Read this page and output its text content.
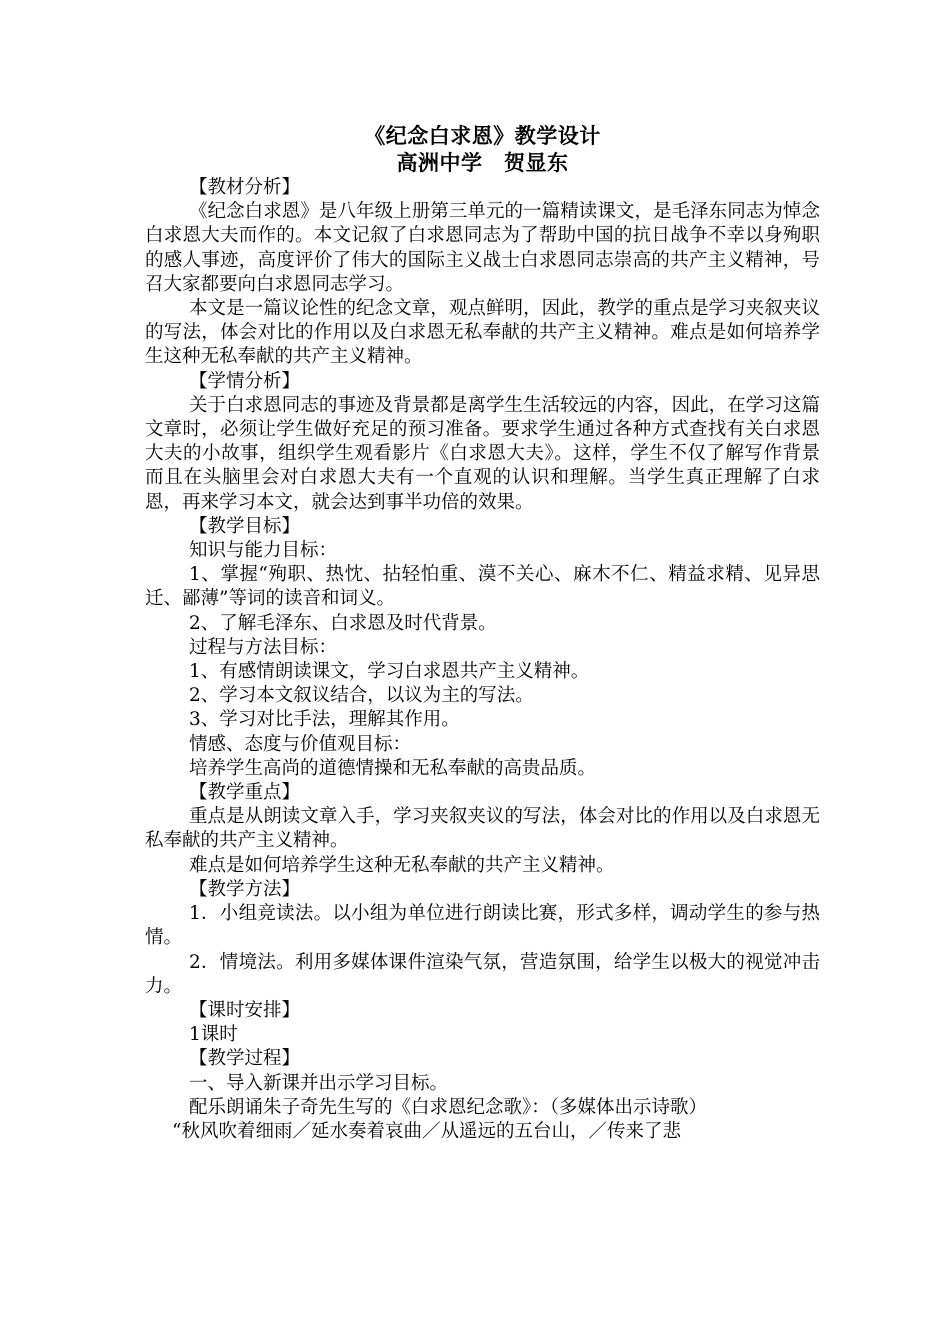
《纪念白求恩》教学设计

高洲中学　贺显东

【教材分析】

《纪念白求恩》是八年级上册第三单元的一篇精读课文，是毛泽东同志为悼念白求恩大夫而作的。本文记叙了白求恩同志为了帮助中国的抗日战争不幸以身殉职的感人事迹，高度评价了伟大的国际主义战士白求恩同志崇高的共产主义精神，号召大家都要向白求恩同志学习。

本文是一篇议论性的纪念文章，观点鲜明，因此，教学的重点是学习夹叙夹议的写法，体会对比的作用以及白求恩无私奉献的共产主义精神。难点是如何培养学生这种无私奉献的共产主义精神。

【学情分析】

关于白求恩同志的事迹及背景都是离学生生活较远的内容，因此，在学习这篇文章时，必须让学生做好充足的预习准备。要求学生通过各种方式查找有关白求恩大夫的小故事，组织学生观看影片《白求恩大夫》。这样，学生不仅了解写作背景而且在头脑里会对白求恩大夫有一个直观的认识和理解。当学生真正理解了白求恩，再来学习本文，就会达到事半功倍的效果。

【教学目标】

知识与能力目标：

1、掌握“殉职、热忱、拈轻怕重、漠不关心、麻木不仁、精益求精、见异思迁、鄙薄”等词的读音和词义。

2、了解毛泽东、白求恩及时代背景。

过程与方法目标：

1、有感情朗读课文，学习白求恩共产主义精神。

2、学习本文叙议结合，以议为主的写法。

3、学习对比手法，理解其作用。

情感、态度与价值观目标：

培养学生高尚的道德情操和无私奉献的高贵品质。

【教学重点】

重点是从朗读文章入手，学习夹叙夹议的写法，体会对比的作用以及白求恩无私奉献的共产主义精神。

难点是如何培养学生这种无私奉献的共产主义精神。

【教学方法】

1．小组竞读法。以小组为单位进行朗读比赛，形式多样，调动学生的参与热情。

2．情境法。利用多媒体课件渲染气氛，营造氛围，给学生以极大的视觉冲击力。

【课时安排】

1课时

【教学过程】

一、导入新课并出示学习目标。

配乐朗诵朱子奇先生写的《白求恩纪念歌》：（多媒体出示诗歌）

“秋风吹着细雨／延水奏着哀曲／从遥远的五台山，／传来了悲
